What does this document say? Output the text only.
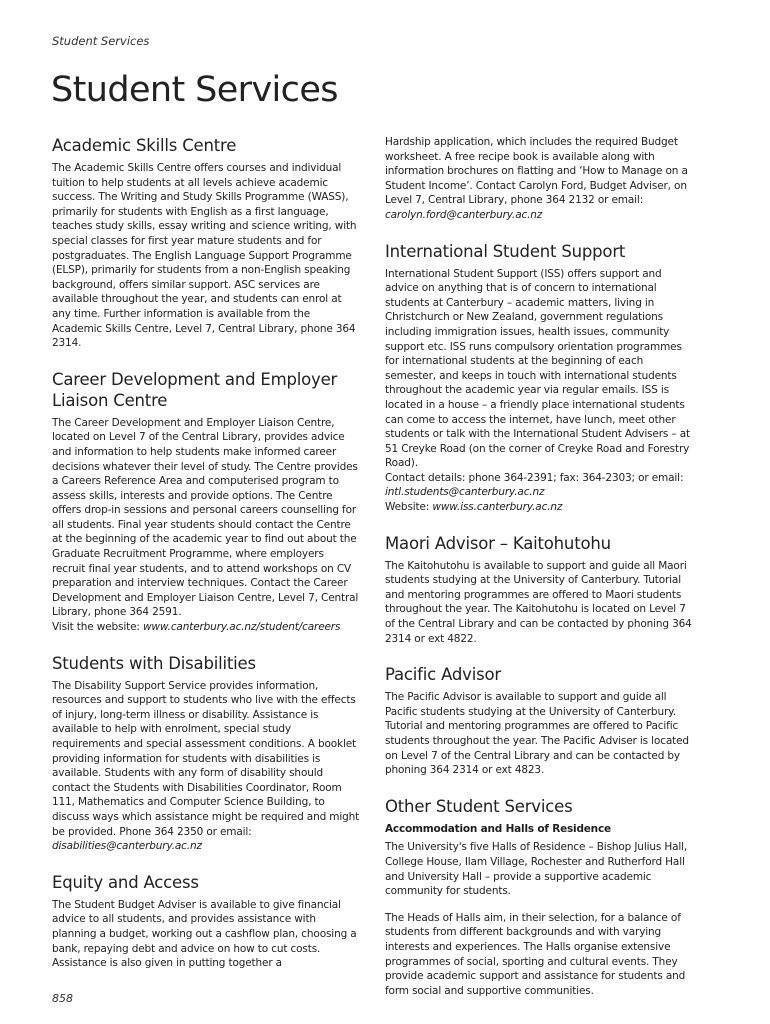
Student Services
Student Services
Academic Skills Centre

The Academic Skills Centre offers courses and individual tuition to help students at all levels achieve academic success. The Writing and Study Skills Programme (WASS), primarily for students with English as a first language, teaches study skills, essay writing and science writing, with special classes for first year mature students and for postgraduates. The English Language Support Programme (ELSP), primarily for students from a non-English speaking background, offers similar support. ASC services are available throughout the year, and students can enrol at any time. Further information is available from the Academic Skills Centre, Level 7, Central Library, phone 364 2314.

Career Development and Employer Liaison Centre

The Career Development and Employer Liaison Centre, located on Level 7 of the Central Library, provides advice and information to help students make informed career decisions whatever their level of study. The Centre provides a Careers Reference Area and computerised program to assess skills, interests and provide options. The Centre offers drop-in sessions and personal careers counselling for all students. Final year students should contact the Centre at the beginning of the academic year to find out about the Graduate Recruitment Programme, where employers recruit final year students, and to attend workshops on CV preparation and interview techniques. Contact the Career Development and Employer Liaison Centre, Level 7, Central Library, phone 364 2591.

Visit the website: www.canterbury.ac.nz/student/careers

Students with Disabilities

The Disability Support Service provides information, resources and support to students who live with the effects of injury, long-term illness or disability. Assistance is available to help with enrolment, special study requirements and special assessment conditions. A booklet providing information for students with disabilities is available. Students with any form of disability should contact the Students with Disabilities Coordinator, Room 111, Mathematics and Computer Science Building, to discuss ways which assistance might be required and might be provided. Phone 364 2350 or email: disabilities@canterbury.ac.nz

Equity and Access

The Student Budget Adviser is available to give financial advice to all students, and provides assistance with planning a budget, working out a cashflow plan, choosing a bank, repaying debt and advice on how to cut costs. Assistance is also given in putting together a

Hardship application, which includes the required Budget worksheet. A free recipe book is available along with information brochures on flatting and ‘How to Manage on a Student Income’. Contact Carolyn Ford, Budget Adviser, on Level 7, Central Library, phone 364 2132 or email: carolyn.ford@canterbury.ac.nz

International Student Support

International Student Support (ISS) offers support and advice on anything that is of concern to international students at Canterbury – academic matters, living in Christchurch or New Zealand, government regulations including immigration issues, health issues, community support etc. ISS runs compulsory orientation programmes for international students at the beginning of each semester, and keeps in touch with international students throughout the academic year via regular emails. ISS is located in a house – a friendly place international students can come to access the internet, have lunch, meet other students or talk with the International Student Advisers – at 51 Creyke Road (on the corner of Creyke Road and Forestry Road).

Contact details: phone 364-2391; fax: 364-2303; or email:

intl.students@canterbury.ac.nz

Website: www.iss.canterbury.ac.nz

Maori Advisor – Kaitohutohu

The Kaitohutohu is available to support and guide all Maori students studying at the University of Canterbury. Tutorial and mentoring programmes are offered to Maori students throughout the year. The Kaitohutohu is located on Level 7 of the Central Library and can be contacted by phoning 364 2314 or ext 4822.

Pacific Advisor

The Pacific Advisor is available to support and guide all Pacific students studying at the University of Canterbury. Tutorial and mentoring programmes are offered to Pacific students throughout the year. The Pacific Adviser is located on Level 7 of the Central Library and can be contacted by phoning 364 2314 or ext 4823.

Other Student Services
Accommodation and Halls of Residence

The University's five Halls of Residence – Bishop Julius Hall, College House, Ilam Village, Rochester and Rutherford Hall and University Hall – provide a supportive academic community for students.

The Heads of Halls aim, in their selection, for a balance of students from different backgrounds and with varying interests and experiences. The Halls organise extensive programmes of social, sporting and cultural events. They provide academic support and assistance for students and form social and supportive communities.

858
